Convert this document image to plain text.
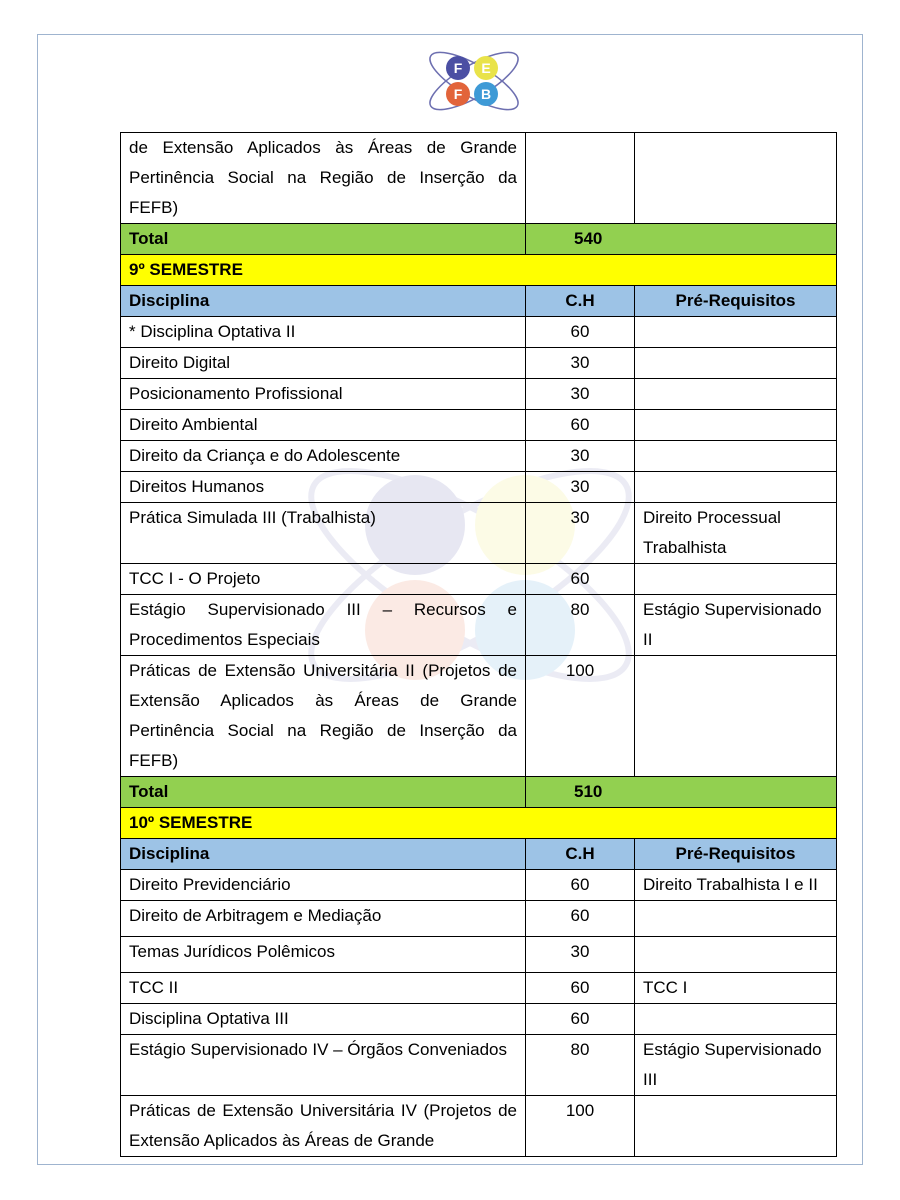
F E
F B
de Extensão Aplicados às Áreas de Grande Pertinência Social na Região de Inserção da FEFB)		
Total	540	
9º SEMESTRE		
Disciplina	C.H	Pré-Requisitos
* Disciplina Optativa II	60	
Direito Digital	30	
Posicionamento Profissional	30	
Direito Ambiental	60	
Direito da Criança e do Adolescente	30	
Direitos Humanos	30	
Prática Simulada III (Trabalhista)	30	Direito Processual Trabalhista
TCC I - O Projeto	60	
Estágio Supervisionado III – Recursos e Procedimentos Especiais	80	Estágio Supervisionado II
Práticas de Extensão Universitária II (Projetos de Extensão Aplicados às Áreas de Grande Pertinência Social na Região de Inserção da FEFB)	100	
Total	510	
10º SEMESTRE		
Disciplina	C.H	Pré-Requisitos
Direito Previdenciário	60	Direito Trabalhista I e II
Direito de Arbitragem e Mediação	60	
Temas Jurídicos Polêmicos	30	
TCC II	60	TCC I
Disciplina Optativa III	60	
Estágio Supervisionado IV – Órgãos Conveniados	80	Estágio Supervisionado III
Práticas de Extensão Universitária IV (Projetos de Extensão Aplicados às Áreas de Grande	100	
